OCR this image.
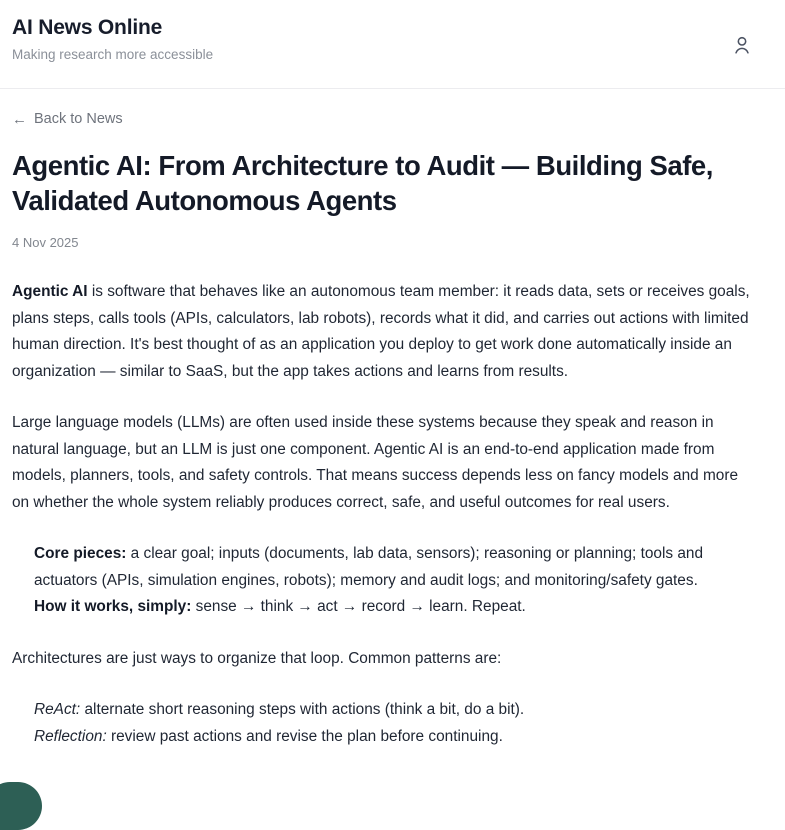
AI News Online

Making research more accessible

← Back to News
Agentic AI: From Architecture to Audit — Building Safe, Validated Autonomous Agents

4 Nov 2025

Agentic AI is software that behaves like an autonomous team member: it reads data, sets or receives goals, plans steps, calls tools (APIs, calculators, lab robots), records what it did, and carries out actions with limited human direction. It's best thought of as an application you deploy to get work done automatically inside an organization — similar to SaaS, but the app takes actions and learns from results.

Large language models (LLMs) are often used inside these systems because they speak and reason in natural language, but an LLM is just one component. Agentic AI is an end-to-end application made from models, planners, tools, and safety controls. That means success depends less on fancy models and more on whether the whole system reliably produces correct, safe, and useful outcomes for real users.

Core pieces: a clear goal; inputs (documents, lab data, sensors); reasoning or planning; tools and actuators (APIs, simulation engines, robots); memory and audit logs; and monitoring/safety gates.

How it works, simply: sense → think → act → record → learn. Repeat.

Architectures are just ways to organize that loop. Common patterns are:

ReAct: alternate short reasoning steps with actions (think a bit, do a bit).

Reflection: review past actions and revise the plan before continuing.
